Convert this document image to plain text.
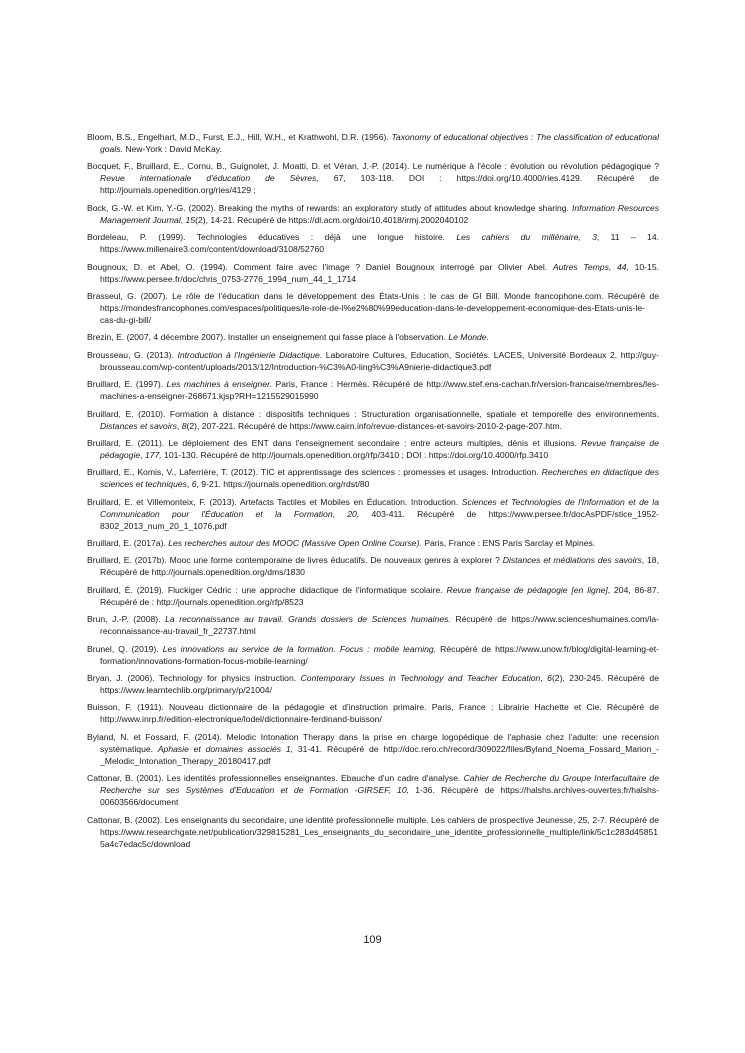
Bloom, B.S., Engelhart, M.D., Furst, E.J., Hill, W.H., et Krathwohl, D.R. (1956). Taxonomy of educational objectives : The classification of educational goals. New-York : David McKay.

Bocquet, F., Bruillard, E., Cornu, B., Guignolet, J. Moatti, D. et Véran, J.-P. (2014). Le numérique à l'école : évolution ou révolution pédagogique ? Revue internationale d'éducation de Sèvres, 67, 103-118. DOI : https://doi.org/10.4000/ries.4129. Récupéré de http://journals.openedition.org/ries/4129 ;

Bock, G.-W. et Kim, Y.-G. (2002). Breaking the myths of rewards: an exploratory study of attitudes about knowledge sharing. Information Resources Management Journal, 15(2), 14-21. Récupéré de https://dl.acm.org/doi/10.4018/irmj.2002040102

Bordeleau, P. (1999). Technologies éducatives : déjà une longue histoire. Les cahiers du millénaire, 3, 11 – 14. https://www.millenaire3.com/content/download/3108/52760

Bougnoux, D. et Abel, O. (1994). Comment faire avec l'image ? Daniel Bougnoux interrogé par Olivier Abel. Autres Temps, 44, 10-15. https://www.persee.fr/doc/chris_0753-2776_1994_num_44_1_1714

Brasseul, G. (2007). Le rôle de l'éducation dans le développement des États-Unis : le cas de GI Bill. Monde francophone.com. Récupéré de https://mondesfrancophones.com/espaces/politiques/le-role-de-l%e2%80%99education-dans-le-developpement-economique-des-Etats-unis-le-cas-du-gi-bill/

Brezin, E. (2007, 4 décembre 2007). Installer un enseignement qui fasse place à l'observation. Le Monde.

Brousseau, G. (2013). Introduction à l'Ingénierie Didactique. Laboratoire Cultures, Education, Sociétés. LACES, Université Bordeaux 2. http://guy-brousseau.com/wp-content/uploads/2013/12/Introduction-%C3%A0-ling%C3%A9nierie-didactique3.pdf

Bruillard, E. (1997). Les machines à enseigner. Paris, France : Hermès. Récupéré de http://www.stef.ens-cachan.fr/version-francaise/membres/les-machines-a-enseigner-268671.kjsp?RH=1215529015990

Bruillard, E. (2010). Formation à distance : dispositifs techniques : Structuration organisationnelle, spatiale et temporelle des environnements. Distances et savoirs, 8(2), 207-221. Récupéré de https://www.cairn.info/revue-distances-et-savoirs-2010-2-page-207.htm.

Bruillard, E. (2011). Le déploiement des ENT dans l'enseignement secondaire : entre acteurs multiples, dénis et illusions. Revue française de pédagogie, 177, 101-130. Récupéré de http://journals.openedition.org/rfp/3410 ; DOI : https://doi.org/10.4000/rfp.3410

Bruillard, E., Komis, V., Laferrière, T. (2012). TIC et apprentissage des sciences : promesses et usages. Introduction. Recherches en didactique des sciences et techniques, 6, 9-21. https://journals.openedition.org/rdst/80

Bruillard, E. et Villemonteix, F. (2013). Artefacts Tactiles et Mobiles en Éducation. Introduction. Sciences et Technologies de l'Information et de la Communication pour l'Éducation et la Formation, 20, 403-411. Récupéré de https://www.persee.fr/docAsPDF/stice_1952-8302_2013_num_20_1_1076.pdf

Bruillard, E. (2017a). Les recherches autour des MOOC (Massive Open Online Course). Paris, France : ENS Paris Sarclay et Mpines.

Bruillard, E. (2017b). Mooc une forme contemporaine de livres éducatifs. De nouveaux genres à explorer ? Distances et médiations des savoirs, 18, Récupéré de http://journals.openedition.org/dms/1830

Bruillard, É. (2019). Fluckiger Cédric : une approche didactique de l'informatique scolaire. Revue française de pédagogie [en ligne], 204, 86-87. Récupéré de : http://journals.openedition.org/rfp/8523

Brun, J.-P. (2008). La reconnaissance au travail. Grands dossiers de Sciences humaines. Récupéré de https://www.scienceshumaines.com/la-reconnaissance-au-travail_fr_22737.html

Brunel, Q. (2019). Les innovations au service de la formation. Focus : mobile learning. Récupéré de https://www.unow.fr/blog/digital-learning-et-formation/innovations-formation-focus-mobile-learning/

Bryan, J. (2006). Technology for physics instruction. Contemporary Issues in Technology and Teacher Education, 6(2), 230-245. Récupéré de https://www.learntechlib.org/primary/p/21004/

Buisson, F. (1911). Nouveau dictionnaire de la pédagogie et d'instruction primaire. Paris, France : Librairie Hachette et Cie. Récupéré de http://www.inrp.fr/edition-electronique/lodel/dictionnaire-ferdinand-buisson/

Byland, N. et Fossard, F. (2014). Melodic Intonation Therapy dans la prise en charge logopédique de l'aphasie chez l'adulte: une recension systématique. Aphasie et domaines associés 1, 31-41. Récupéré de http://doc.rero.ch/record/309022/files/Byland_Noema_Fossard_Marion_-_Melodic_Intonation_Therapy_20180417.pdf

Cattonar, B. (2001). Les identités professionnelles enseignantes. Ebauche d'un cadre d'analyse. Cahier de Recherche du Groupe Interfacultaire de Recherche sur ses Systèmes d'Education et de Formation -GIRSEF, 10, 1-36. Récupéré de https://halshs.archives-ouvertes.fr/halshs-00603566/document

Cattonar, B. (2002). Les enseignants du secondaire, une identité professionnelle multiple. Les cahiers de prospective Jeunesse, 25, 2-7. Récupéré de https://www.researchgate.net/publication/329815281_Les_enseignants_du_secondaire_une_identite_professionnelle_multiple/link/5c1c283d458515a4c7edac5c/download

109
